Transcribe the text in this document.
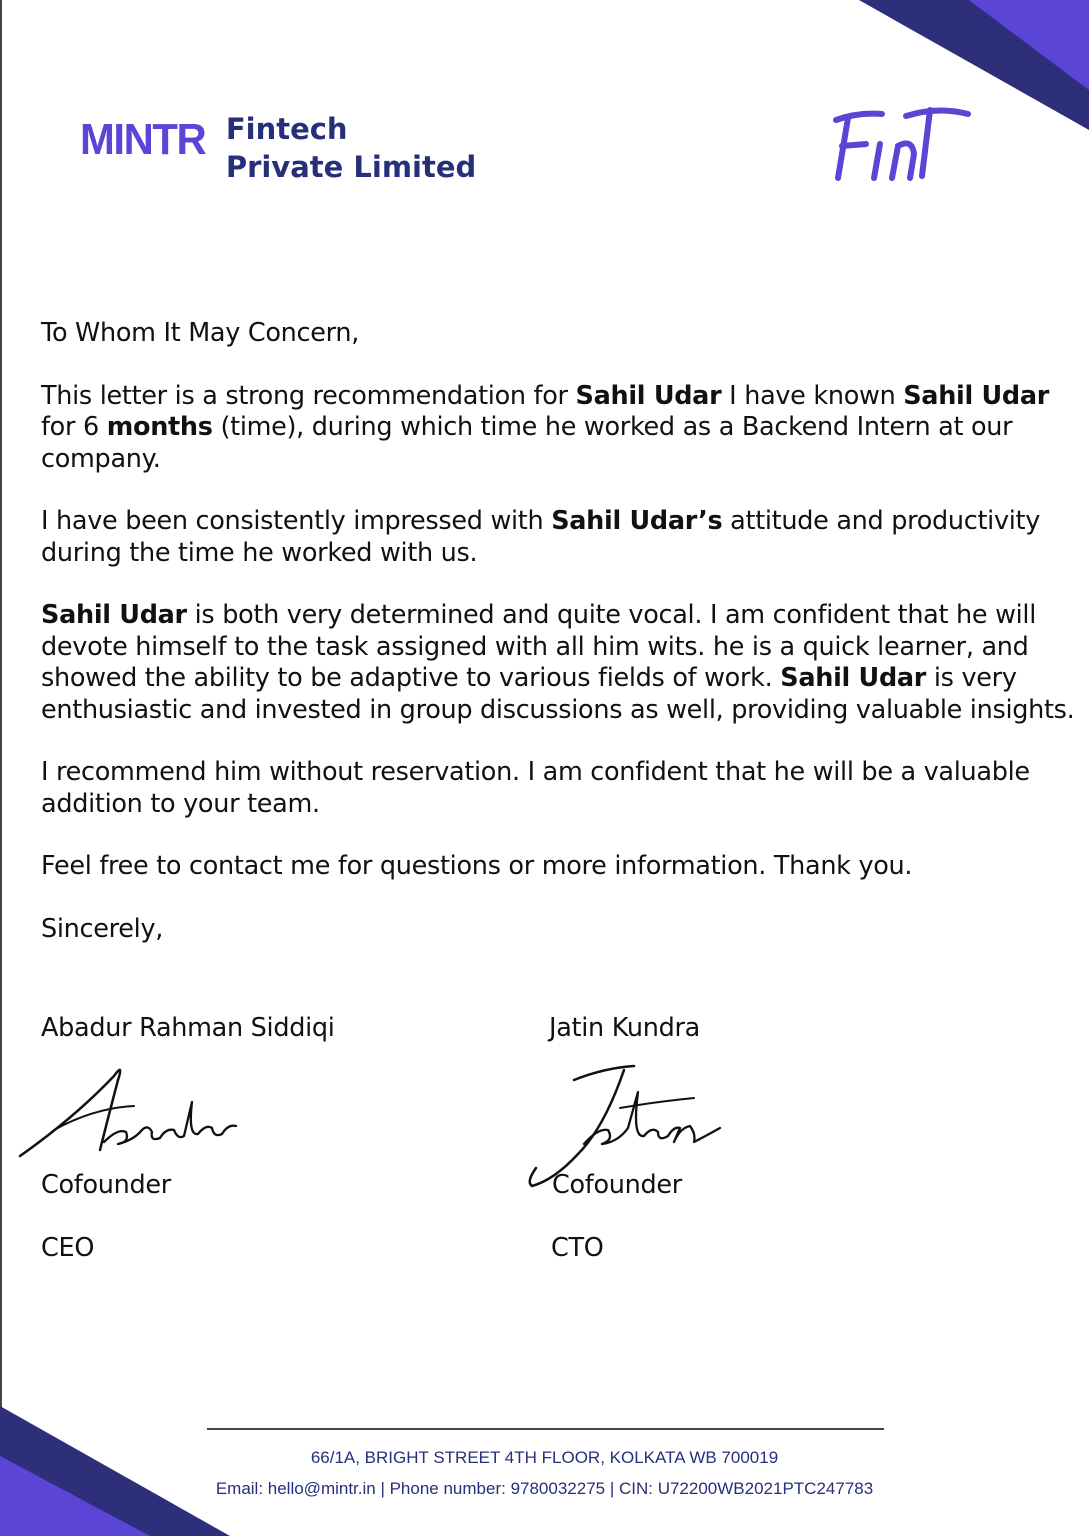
MINTR Fintech
Private Limited

To Whom It May Concern,

This letter is a strong recommendation for Sahil Udar I have known Sahil Udar for 6 months (time), during which time he worked as a Backend Intern at our company.

I have been consistently impressed with Sahil Udar’s attitude and productivity during the time he worked with us.

Sahil Udar is both very determined and quite vocal. I am confident that he will devote himself to the task assigned with all him wits. he is a quick learner, and showed the ability to be adaptive to various fields of work. Sahil Udar is very enthusiastic and invested in group discussions as well, providing valuable insights.

I recommend him without reservation. I am confident that he will be a valuable addition to your team.

Feel free to contact me for questions or more information. Thank you.

Sincerely,

Abadur Rahman Siddiqi	Jatin Kundra
Cofounder	Cofounder
CEO	CTO
66/1A, BRIGHT STREET 4TH FLOOR, KOLKATA WB 700019
Email: hello@mintr.in | Phone number: 9780032275 | CIN: U72200WB2021PTC247783
